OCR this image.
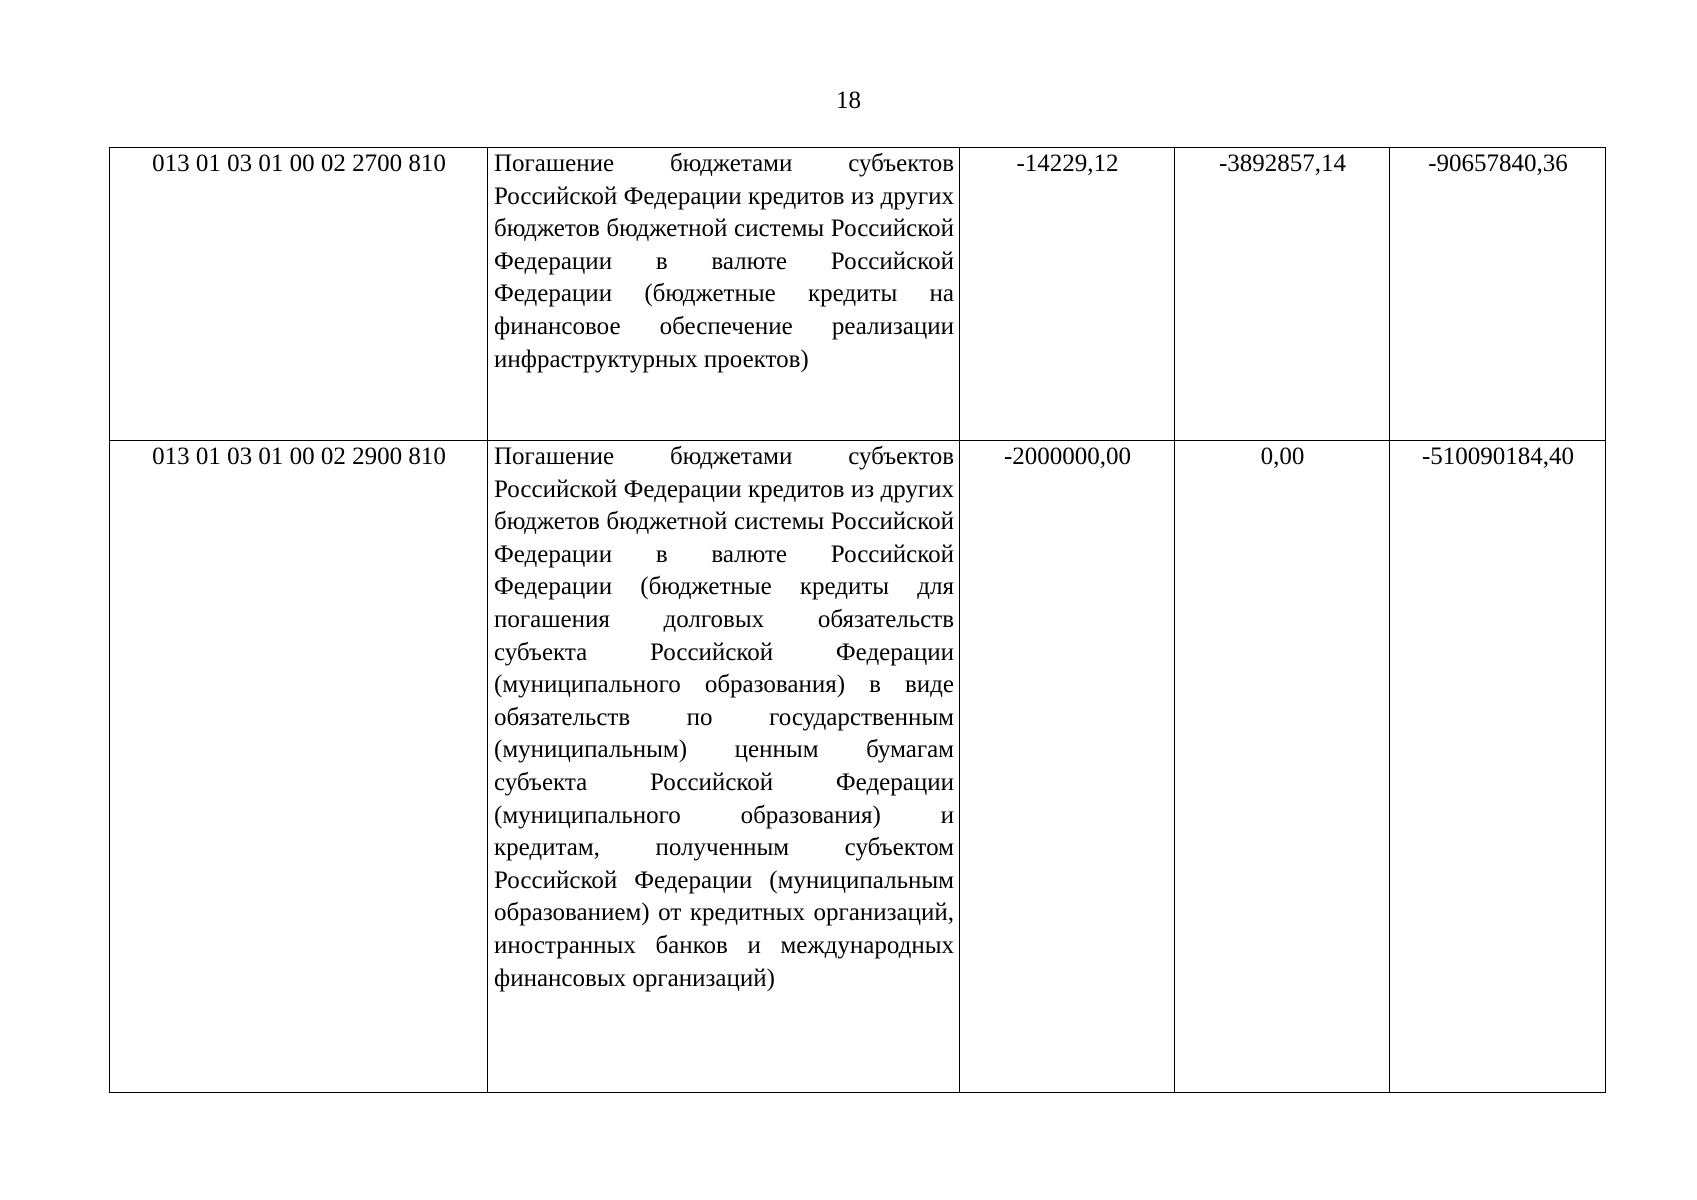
18
013 01 03 01 00 02 2700 810	Погашение бюджетами субъектов Российской Федерации кредитов из других бюджетов бюджетной системы Российской Федерации в валюте Российской Федерации (бюджетные кредиты на финансовое обеспечение реализации инфраструктурных проектов)	-14229,12	-3892857,14	-90657840,36
013 01 03 01 00 02 2900 810	Погашение бюджетами субъектов Российской Федерации кредитов из других бюджетов бюджетной системы Российской Федерации в валюте Российской Федерации (бюджетные кредиты для погашения долговых обязательств субъекта Российской Федерации (муниципального образования) в виде обязательств по государственным (муниципальным) ценным бумагам субъекта Российской Федерации (муниципального образования) и кредитам, полученным субъектом Российской Федерации (муниципальным образованием) от кредитных организаций, иностранных банков и международных финансовых организаций)	-2000000,00	0,00	-510090184,40
